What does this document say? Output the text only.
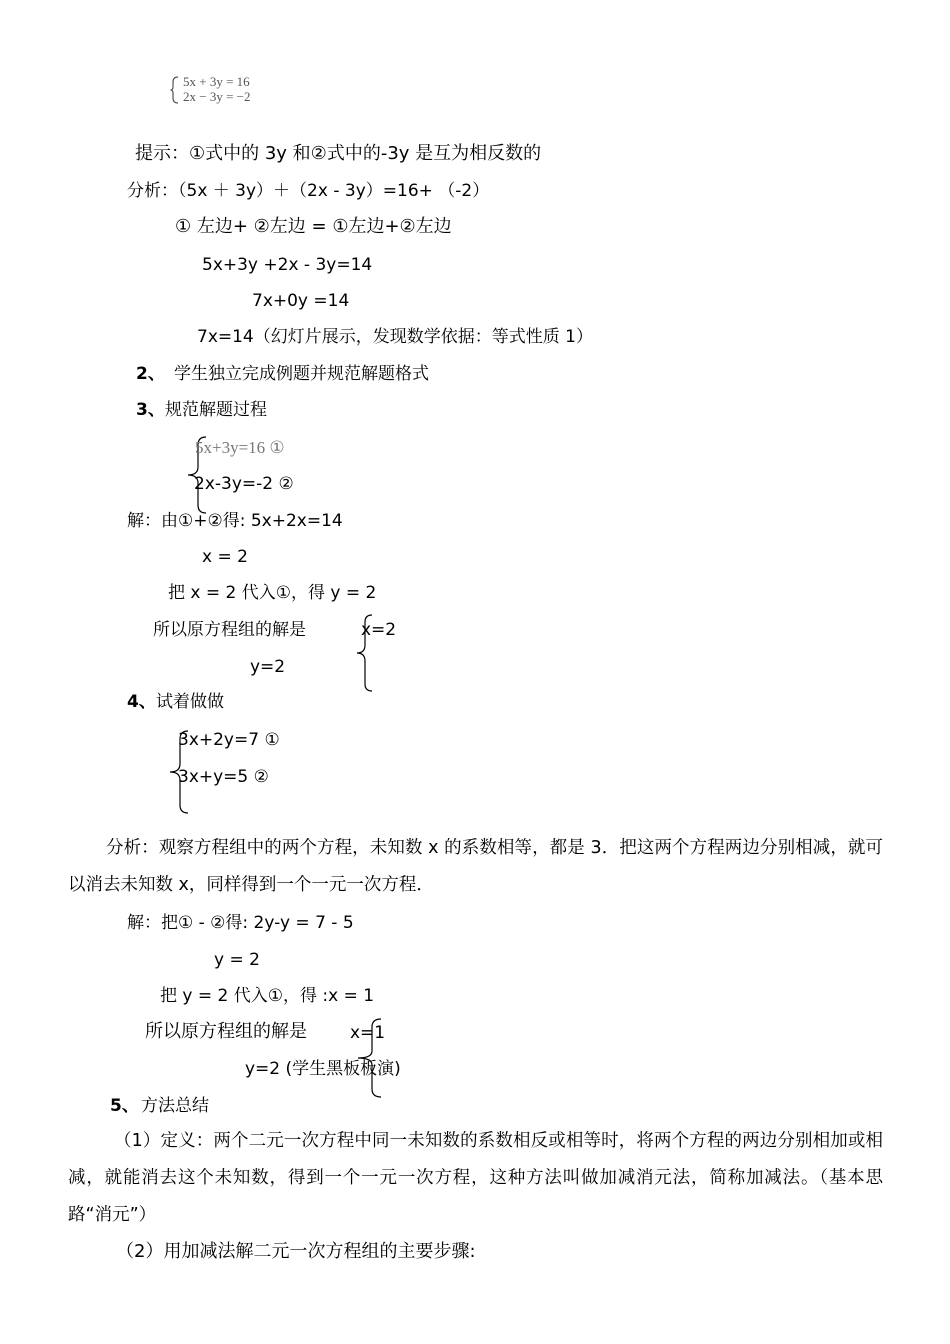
5x + 3y = 16
2x − 3y = −2
提示：①式中的 3y 和②式中的-3y 是互为相反数的
分析：（5x ＋ 3y）＋（2x - 3y）=16+ （-2）
① 左边+ ②左边 = ①左边+②左边
5x+3y +2x - 3y=14
7x+0y =14
7x=14（幻灯片展示，发现数学依据：等式性质 1）
2、 学生独立完成例题并规范解题格式
3、 规范解题过程
5x+3y=16 ①
2x-3y=-2 ②
解：由①+②得: 5x+2x=14
x = 2
把 x = 2 代入①，得 y = 2
所以原方程组的解是	x=2
y=2
4、 试着做做
3x+2y=7 ①
3x+y=5 ②
分析：观察方程组中的两个方程，未知数 x 的系数相等，都是 3．把这两个方程两边分别相减，就可以消去未知数 x，同样得到一个一元一次方程．
解：把① - ②得: 2y-y = 7 - 5
y = 2
把 y = 2 代入①，得 :x = 1
所以原方程组的解是	x=1
y=2 (学生黑板板演)
5、 方法总结
（1）定义：两个二元一次方程中同一未知数的系数相反或相等时，将两个方程的两边分别相加或相减，就能消去这个未知数，得到一个一元一次方程，这种方法叫做加减消元法，简称加减法。（基本思路“消元”）
（2）用加减法解二元一次方程组的主要步骤:
